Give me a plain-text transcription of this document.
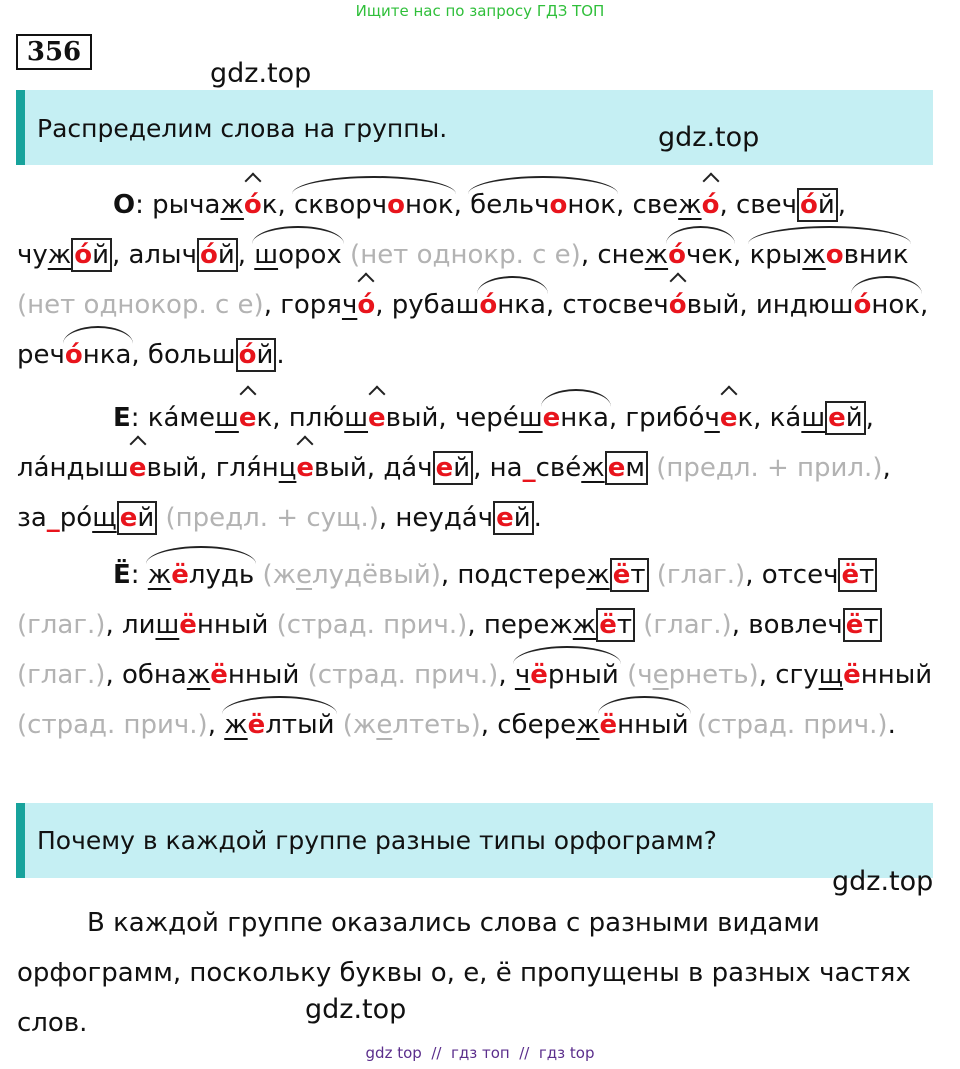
Ищите нас по запросу ГДЗ ТОП
356
gdz.top
Распределим слова на группы.	gdz.top
О: рычажо́к, скворчонок, бельчонок, свежо́, свеч о́й , чуж о́й , алыч о́й , шорох (нет однокр. с е), снежо́чек, крыжовник (нет однокор. с е), горячо́, рубашо́нка, стосвечо́вый, индюшо́нок, речо́нка, больш о́й .
Е: ка́мешек, плю́шевый, чере́шенка, грибо́чек, ка́ш ей , ла́ндышевый, гля́нцевый, да́ч ей , на_све́ж ем (предл. + прил.), за_ро́щ ей (предл. + сущ.), неуда́ч ей .
Ё: жёлудь (желудёвый), подстереж ёт (глаг.), отсеч ёт (глаг.), лишённый (страд. прич.), пережж ёт (глаг.), вовлеч ёт (глаг.), обнажённый (страд. прич.), чёрный (чернеть), сгущённый (страд. прич.), жёлтый (желтеть), сбережённый (страд. прич.).
Почему в каждой группе разные типы орфограмм?
gdz.top
В каждой группе оказались слова с разными видами орфограмм, поскольку буквы о, е, ё пропущены в разных частях слов.	gdz.top
gdz top  //  гдз топ  //  гдз top
